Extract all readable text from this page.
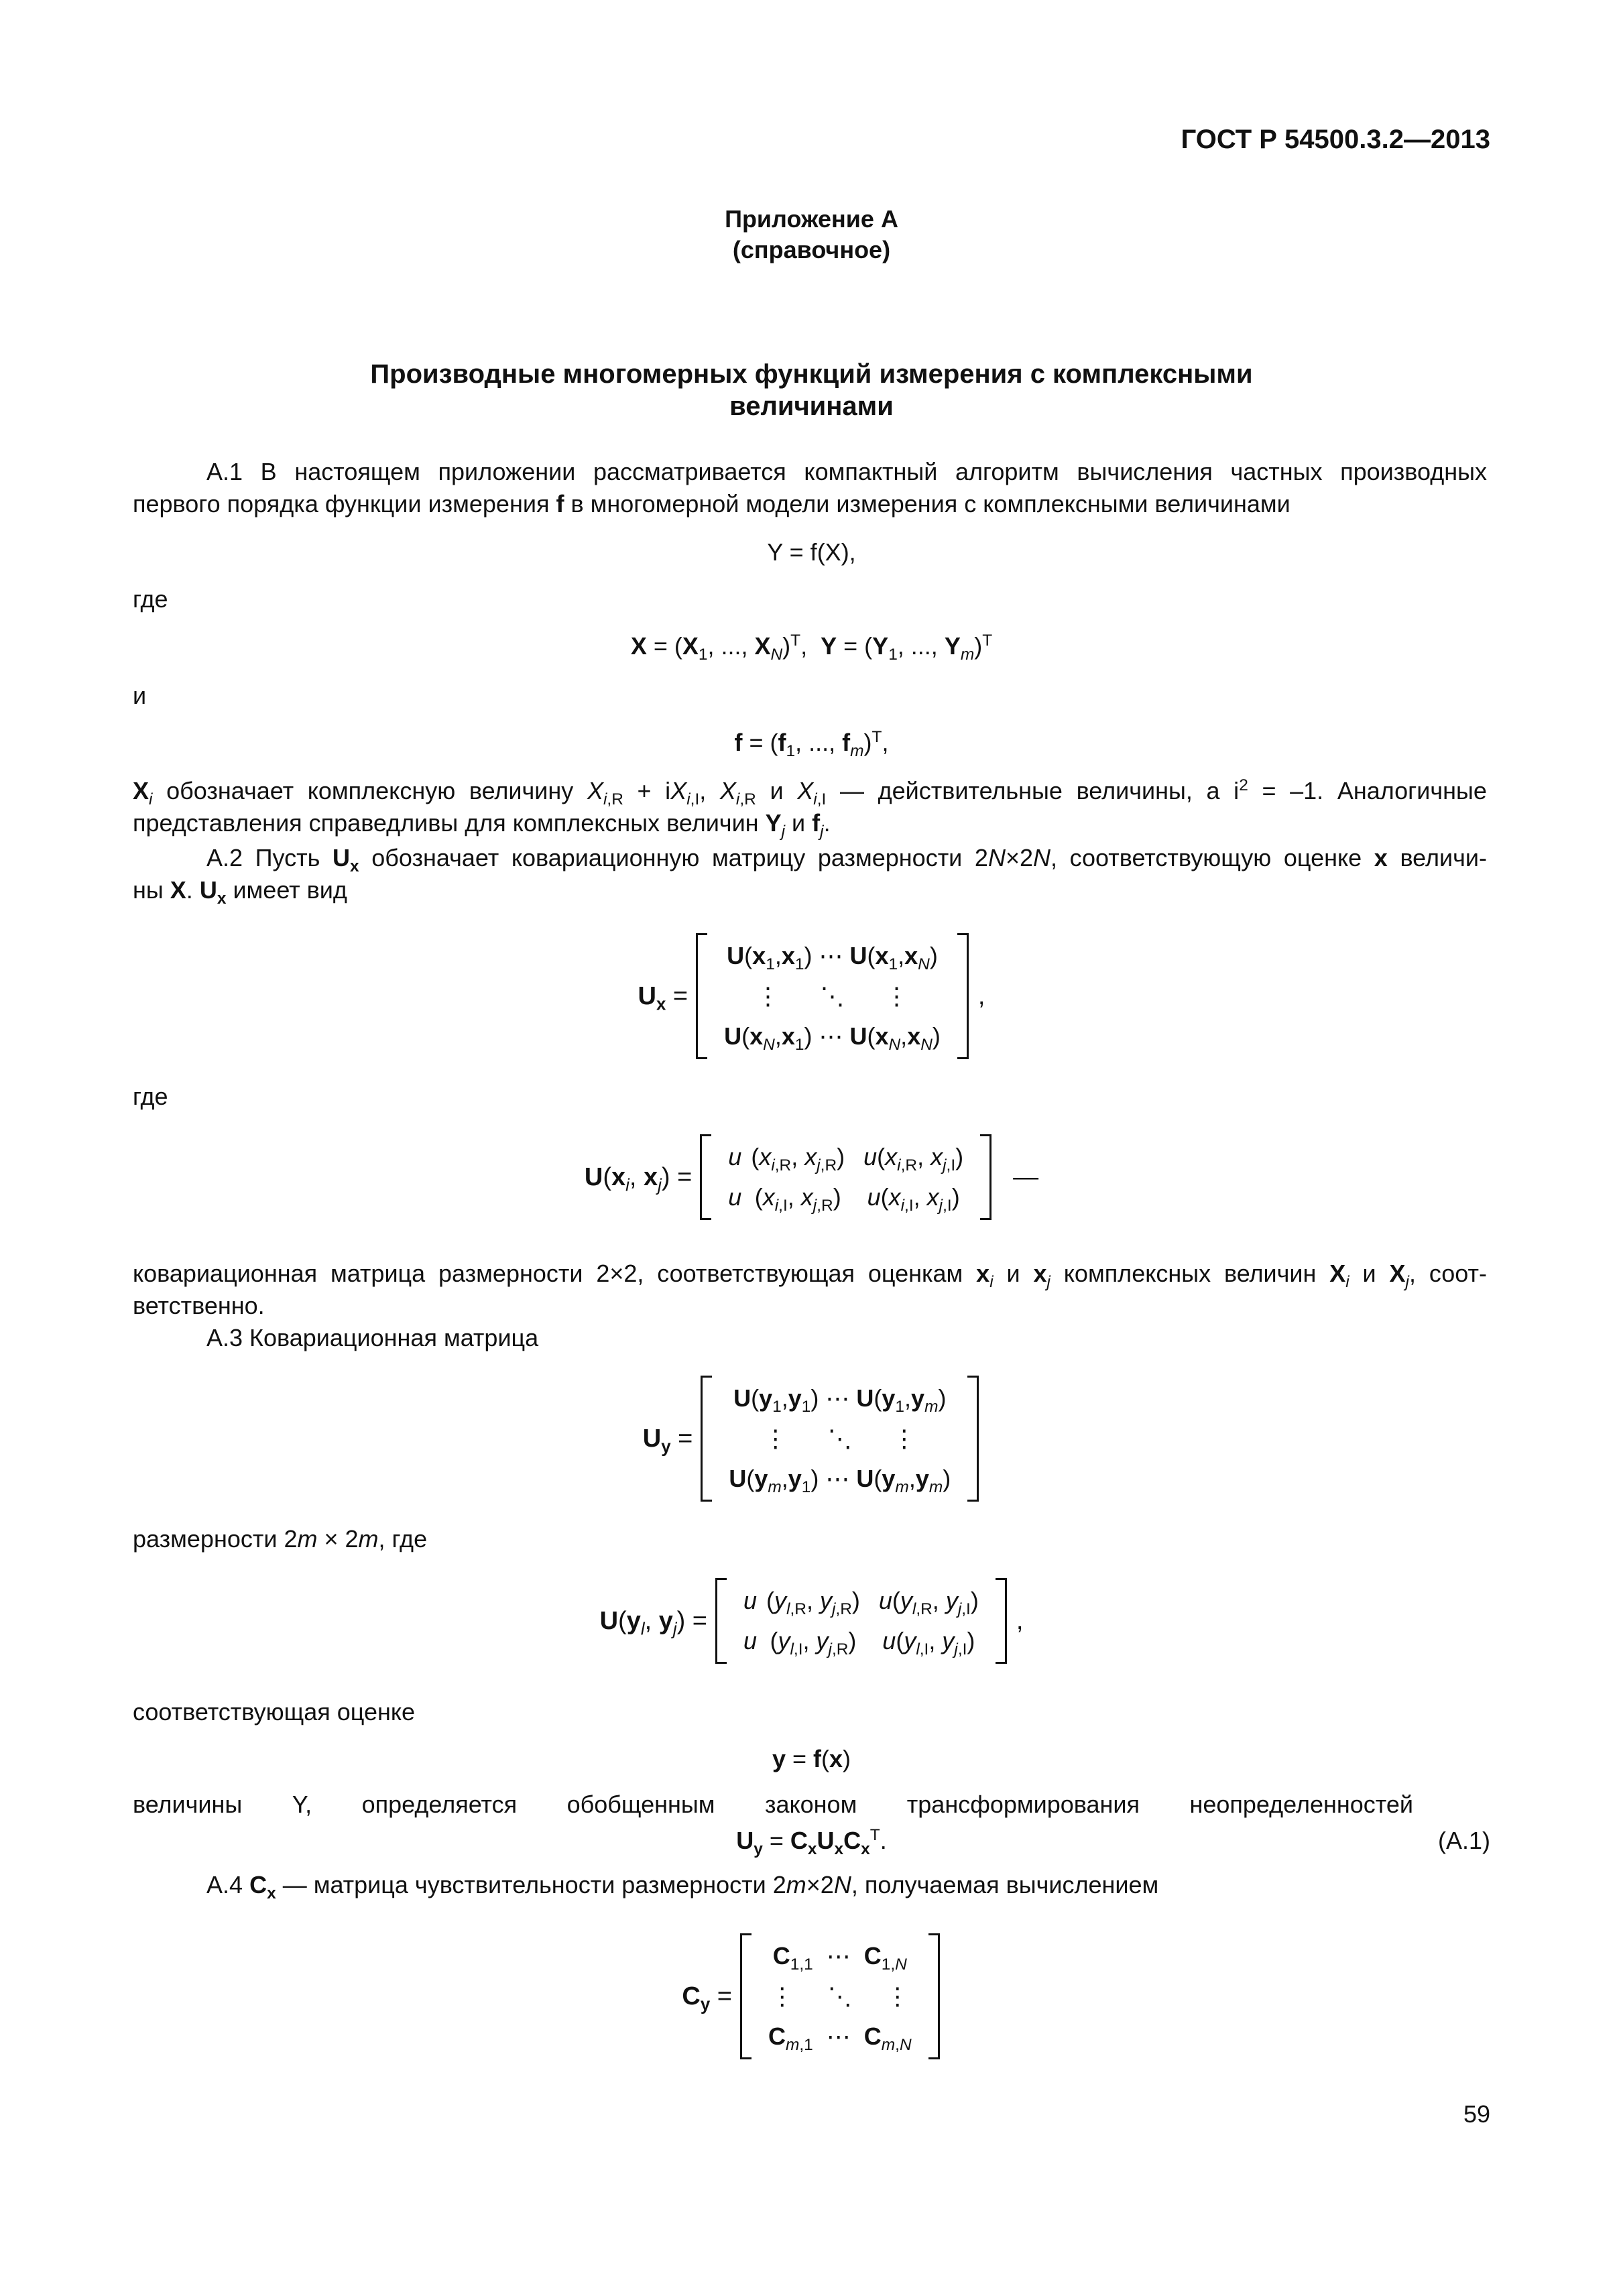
ГОСТ Р 54500.3.2—2013
Приложение А
(справочное)
Производные многомерных функций измерения с комплексными
величинами
А.1 В настоящем приложении рассматривается компактный алгоритм вычисления частных производных
первого порядка функции измерения f в многомерной модели измерения с комплексными величинами
Y = f(X),
где
$X = (X_1$, ..., $X_N)^T$,  $Y = (Y_1$, ..., $Y_m)^T$
и
$f = (f_1$, ..., $f_m)^T$,
$X_i$ обозначает комплексную величину $X_{i,R} + iX_{i,I}$, $X_{i,R}$ и $X_{i,I}$ — действительные величины, а $i^2 = -1$. Аналогичные
представления справедливы для комплексных величин $Y_j$ и $f_j$.
А.2 Пусть $U_x$ обозначает ковариационную матрицу размерности 2N×2N, соответствующую оценке x величи-
ны X. $U_x$ имеет вид
$U_x$ =
$U(x_1,x_1)$ ⋯ $U(x_1,x_N)$
⋮      ⋱      ⋮
$U(x_N,x_1)$ ⋯ $U(x_N,x_N)$
,
где
$U(x_i$, $x_j$) =
u	($x_{i,R}$, $x_{j,R}$)	$u(x_{i,R}$, $x_{j,I}$)
u	($x_{i,I}$, $x_{j,R}$)	$u(x_{i,I}$, $x_{j,I}$)
—
ковариационная матрица размерности 2×2, соответствующая оценкам $x_i$ и $x_j$ комплексных величин $X_i$ и $X_j$, соот-
ветственно.
А.3 Ковариационная матрица
$U_y$ =
$U(y_1,y_1)$ ⋯ $U(y_1,y_m)$
⋮      ⋱      ⋮
$U(y_m,y_1)$ ⋯ $U(y_m,y_m)$
размерности 2m × 2m, где
$U(y_l$, $y_j$) =
u	($y_{l,R}$, $y_{j,R}$)	$u(y_{l,R}$, $y_{j,I}$)
u	($y_{l,I}$, $y_{j,R}$)	$u(y_{l,I}$, $y_{j,I}$)
,
соответствующая оценке
y = f(x)
величины Y, определяется обобщенным законом трансформирования неопределенностей
$U_y = C_xU_xC_x^T$.	(А.1)
А.4 $C_x$ — матрица чувствительности размерности 2m×2N, получаемая вычислением
$C_y$ =
$C_{1,1}$  ⋯  $C_{1,N}$
⋮     ⋱     ⋮
$C_{m,1}$  ⋯  $C_{m,N}$
59
